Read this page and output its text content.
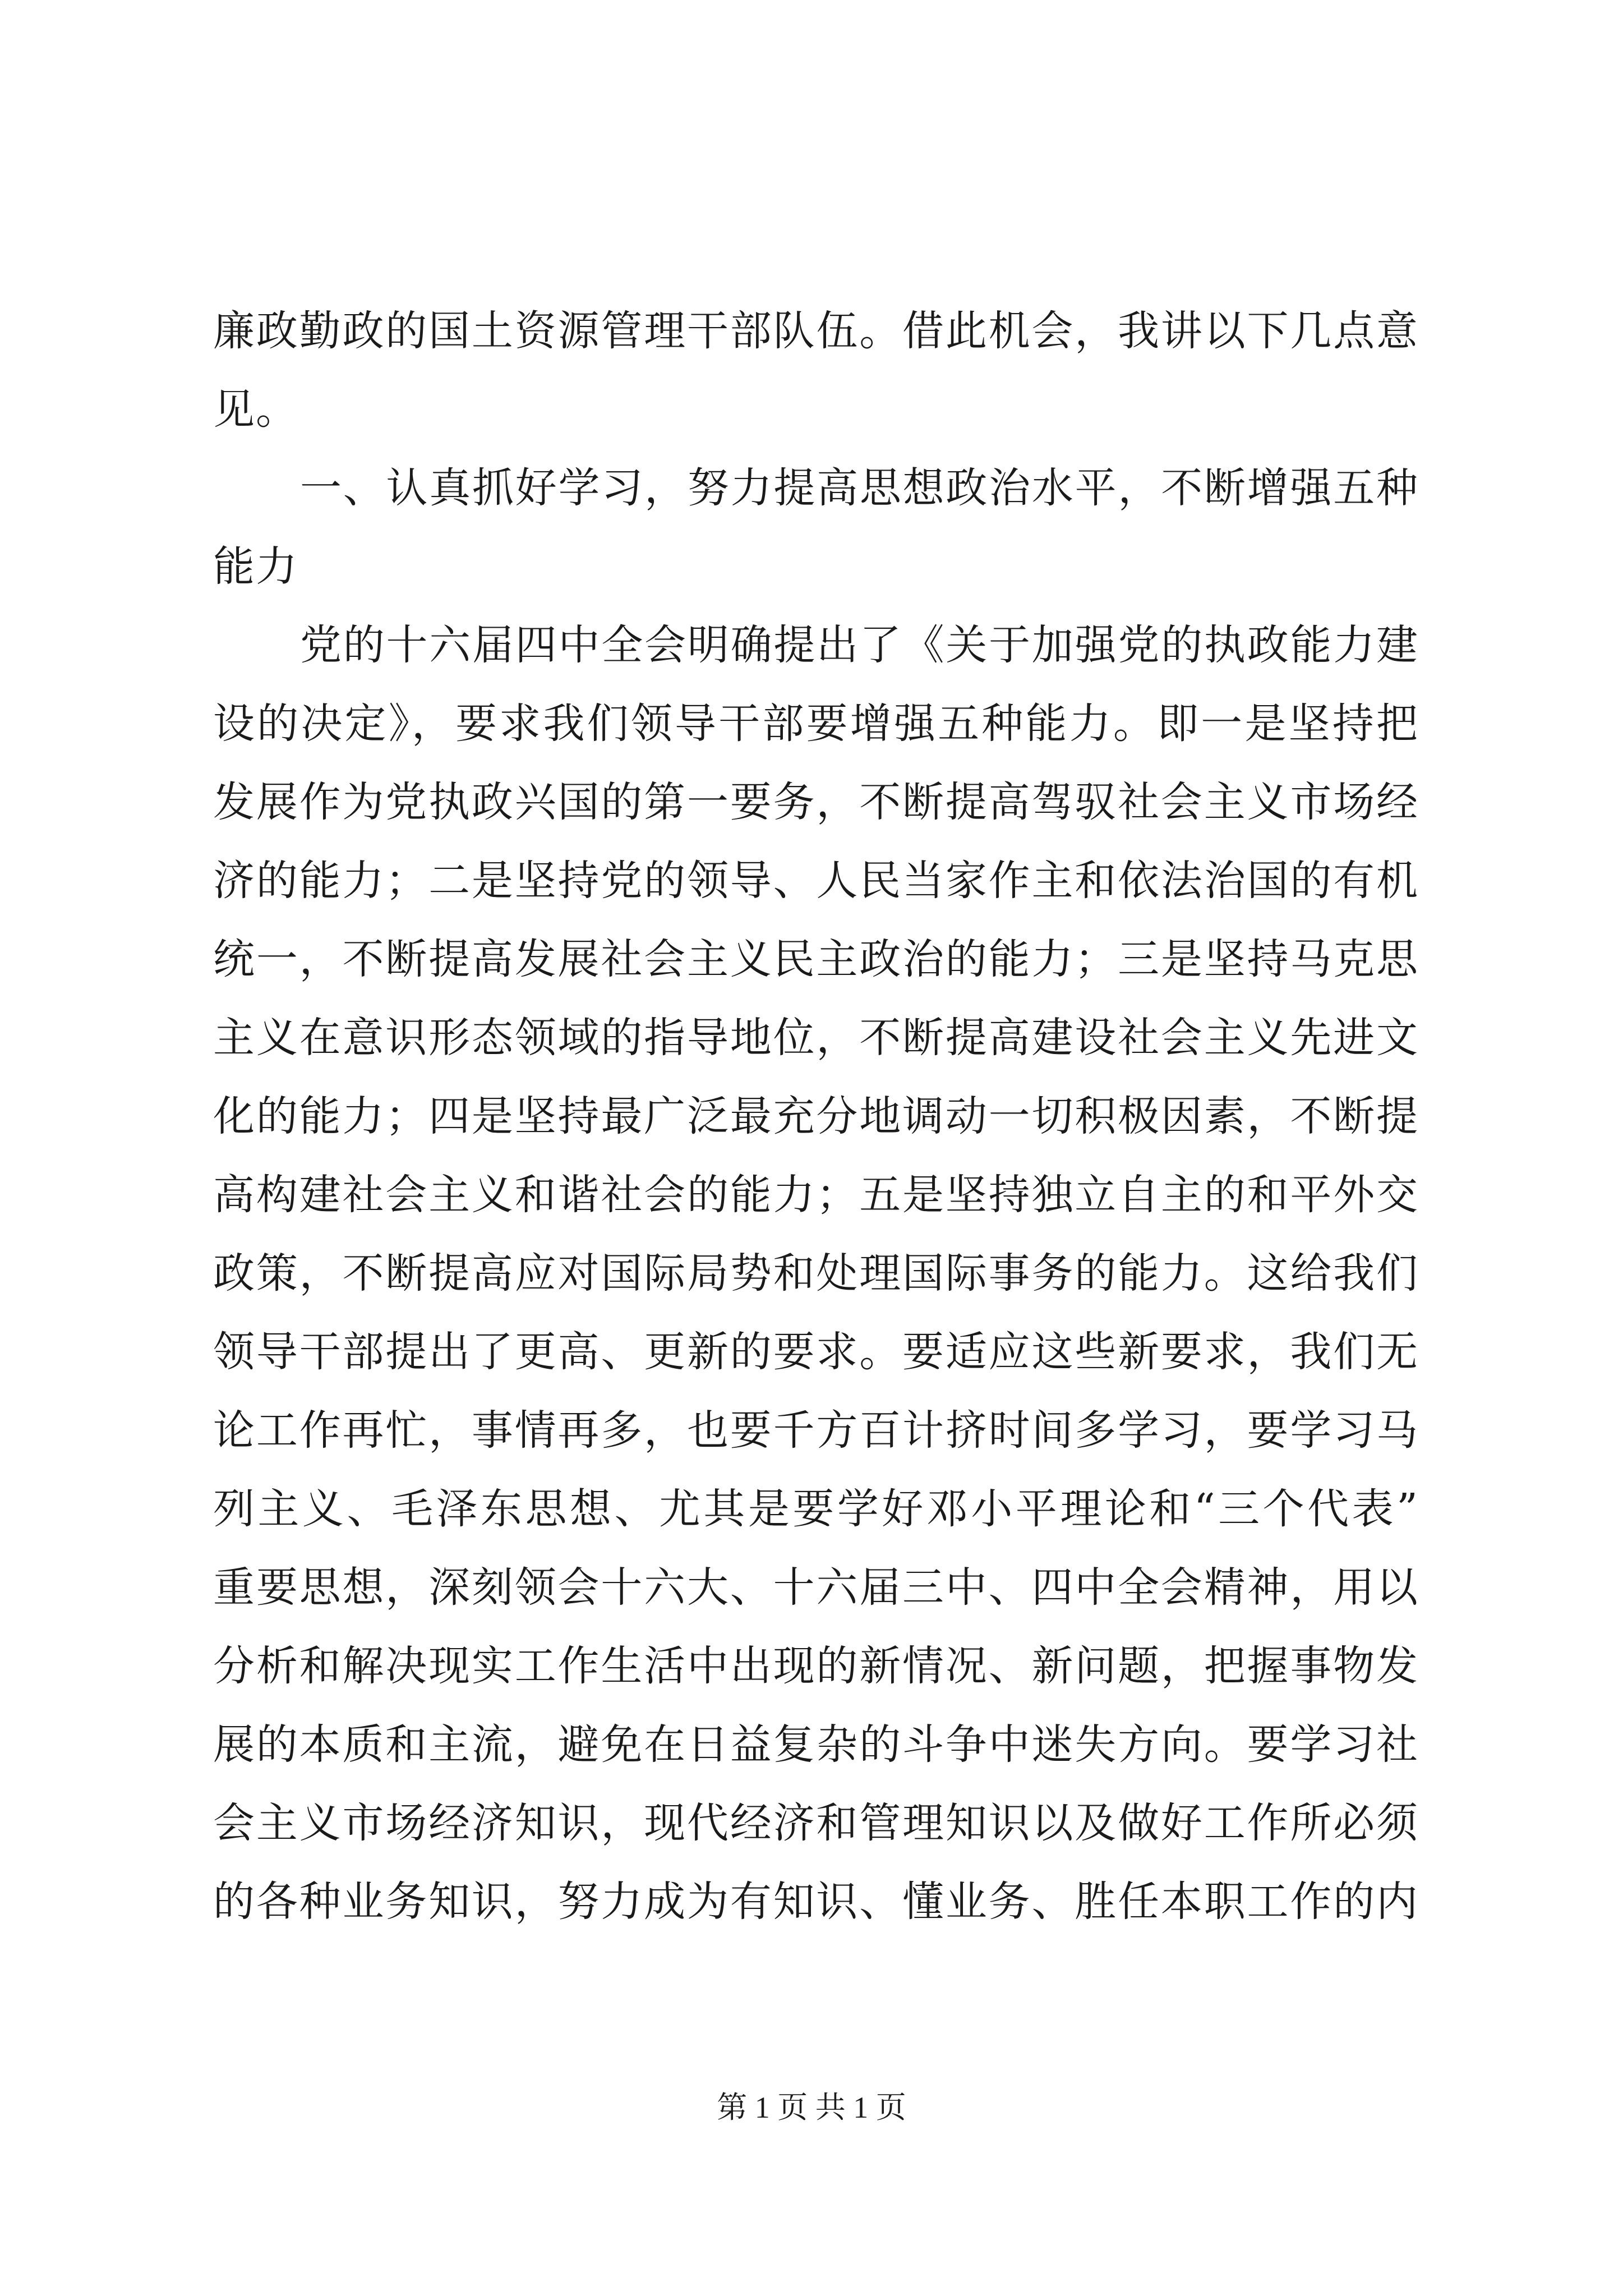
廉政勤政的国土资源管理干部队伍。借此机会，我讲以下几点意
见。
一、认真抓好学习，努力提高思想政治水平，不断增强五种
能力
党的十六届四中全会明确提出了《关于加强党的执政能力建
设的决定》，要求我们领导干部要增强五种能力。即一是坚持把
发展作为党执政兴国的第一要务，不断提高驾驭社会主义市场经
济的能力；二是坚持党的领导、人民当家作主和依法治国的有机
统一，不断提高发展社会主义民主政治的能力；三是坚持马克思
主义在意识形态领域的指导地位，不断提高建设社会主义先进文
化的能力；四是坚持最广泛最充分地调动一切积极因素，不断提
高构建社会主义和谐社会的能力；五是坚持独立自主的和平外交
政策，不断提高应对国际局势和处理国际事务的能力。这给我们
领导干部提出了更高、更新的要求。要适应这些新要求，我们无
论工作再忙，事情再多，也要千方百计挤时间多学习，要学习马
列主义、毛泽东思想、尤其是要学好邓小平理论和“三个代表”
重要思想，深刻领会十六大、十六届三中、四中全会精神，用以
分析和解决现实工作生活中出现的新情况、新问题，把握事物发
展的本质和主流，避免在日益复杂的斗争中迷失方向。要学习社
会主义市场经济知识，现代经济和管理知识以及做好工作所必须
的各种业务知识，努力成为有知识、懂业务、胜任本职工作的内
第 1 页 共 1 页
